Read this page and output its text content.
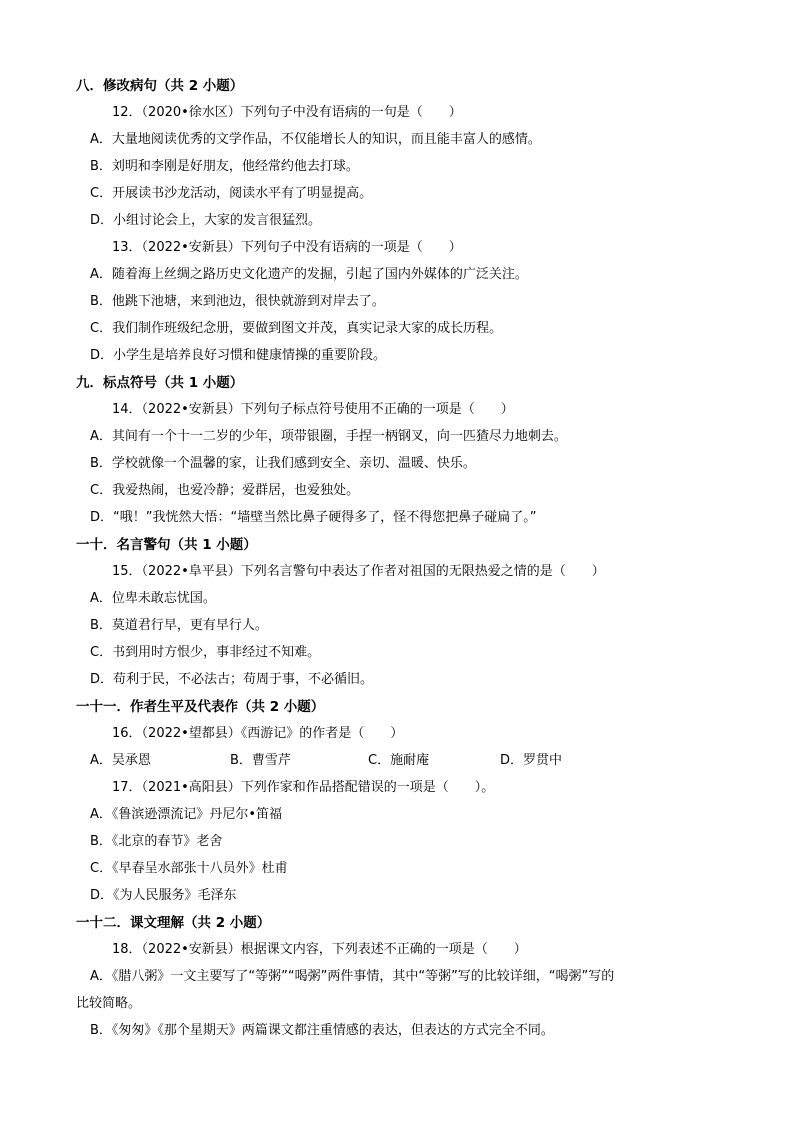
八．修改病句（共 2 小题）
12．（2020•徐水区）下列句子中没有语病的一句是（　　）
A．大量地阅读优秀的文学作品，不仅能增长人的知识，而且能丰富人的感情。
B．刘明和李刚是好朋友，他经常约他去打球。
C．开展读书沙龙活动，阅读水平有了明显提高。
D．小组讨论会上，大家的发言很猛烈。
13．（2022•安新县）下列句子中没有语病的一项是（　　）
A．随着海上丝绸之路历史文化遗产的发掘，引起了国内外媒体的广泛关注。
B．他跳下池塘，来到池边，很快就游到对岸去了。
C．我们制作班级纪念册，要做到图文并茂，真实记录大家的成长历程。
D．小学生是培养良好习惯和健康情操的重要阶段。
九．标点符号（共 1 小题）
14．（2022•安新县）下列句子标点符号使用不正确的一项是（　　）
A．其间有一个十一二岁的少年，项带银圈，手捏一柄钢叉，向一匹猹尽力地刺去。
B．学校就像一个温馨的家，让我们感到安全、亲切、温暖、快乐。
C．我爱热闹，也爱冷静；爱群居，也爱独处。
D．“哦！”我恍然大悟：“墙壁当然比鼻子硬得多了，怪不得您把鼻子碰扁了。”
一十．名言警句（共 1 小题）
15．（2022•阜平县）下列名言警句中表达了作者对祖国的无限热爱之情的是（　　）
A．位卑未敢忘忧国。
B．莫道君行早，更有早行人。
C．书到用时方恨少，事非经过不知难。
D．苟利于民，不必法古；苟周于事，不必循旧。
一十一．作者生平及代表作（共 2 小题）
16．（2022•望都县）《西游记》的作者是（　　）
A．吴承恩	B．曹雪芹	C．施耐庵	D．罗贯中
17．（2021•高阳县）下列作家和作品搭配错误的一项是（　　）。
A．《鲁滨逊漂流记》丹尼尔•笛福
B．《北京的春节》老舍
C．《早春呈水部张十八员外》杜甫
D．《为人民服务》毛泽东
一十二．课文理解（共 2 小题）
18．（2022•安新县）根据课文内容，下列表述不正确的一项是（　　）
A．《腊八粥》一文主要写了“等粥”“喝粥”两件事情，其中“等粥”写的比较详细，“喝粥”写的
比较简略。
B．《匆匆》《那个星期天》两篇课文都注重情感的表达，但表达的方式完全不同。
